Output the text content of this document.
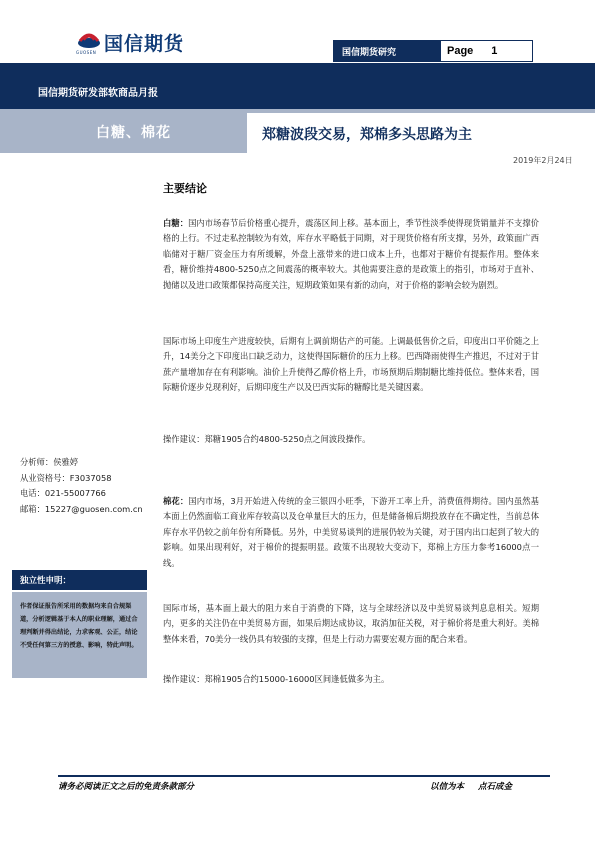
GUOSEN 国信期货	国信期货研究	Page 1
国信期货研发部软商品月报
白糖、棉花	郑糖波段交易，郑棉多头思路为主
2019年2月24日
主要结论
白糖：国内市场春节后价格重心提升，震荡区间上移。基本面上，季节性淡季使得现货销量并不支撑价格的上行。不过走私控制较为有效，库存水平略低于同期，对于现货价格有所支撑，另外，政策面广西临储对于糖厂资金压力有所缓解，外盘上涨带来的进口成本上升，也都对于糖价有提振作用。整体来看，糖价维持4800-5250点之间震荡的概率较大。其他需要注意的是政策上的指引，市场对于直补、抛储以及进口政策都保持高度关注，短期政策如果有新的动向，对于价格的影响会较为剧烈。
国际市场上印度生产进度较快，后期有上调前期估产的可能。上调最低售价之后，印度出口平价随之上升，14美分之下印度出口缺乏动力，这使得国际糖价的压力上移。巴西降雨使得生产推迟，不过对于甘蔗产量增加存在有利影响。油价上升使得乙醇价格上升，市场预期后期制糖比维持低位。整体来看，国际糖价逐步兑现利好，后期印度生产以及巴西实际的糖醇比是关键因素。
操作建议：郑糖1905合约4800-5250点之间波段操作。
棉花：国内市场，3月开始进入传统的金三银四小旺季，下游开工率上升，消费值得期待。国内虽然基本面上仍然面临工商业库存较高以及仓单量巨大的压力，但是储备棉后期投放存在不确定性，当前总体库存水平仍较之前年份有所降低。另外，中美贸易谈判的进展仍较为关键，对于国内出口起到了较大的影响。如果出现利好，对于棉价的提振明显。政策不出现较大变动下，郑棉上方压力参考16000点一线。
国际市场，基本面上最大的阻力来自于消费的下降，这与全球经济以及中美贸易谈判息息相关。短期内，更多的关注仍在中美贸易方面，如果后期达成协议，取消加征关税，对于棉价将是重大利好。美棉整体来看，70美分一线仍具有较强的支撑，但是上行动力需要宏观方面的配合来看。
操作建议：郑棉1905合约15000-16000区间逢低做多为主。
分析师：侯雅婷
从业资格号：F3037058
电话：021-55007766
邮箱：15227@guosen.com.cn
独立性申明：
作者保证报告所采用的数据均来自合规渠道，分析逻辑基于本人的职业理解，通过合理判断并得出结论，力求客观、公正，结论不受任何第三方的授意、影响，特此声明。
请务必阅读正文之后的免责条款部分	以信为本 点石成金
